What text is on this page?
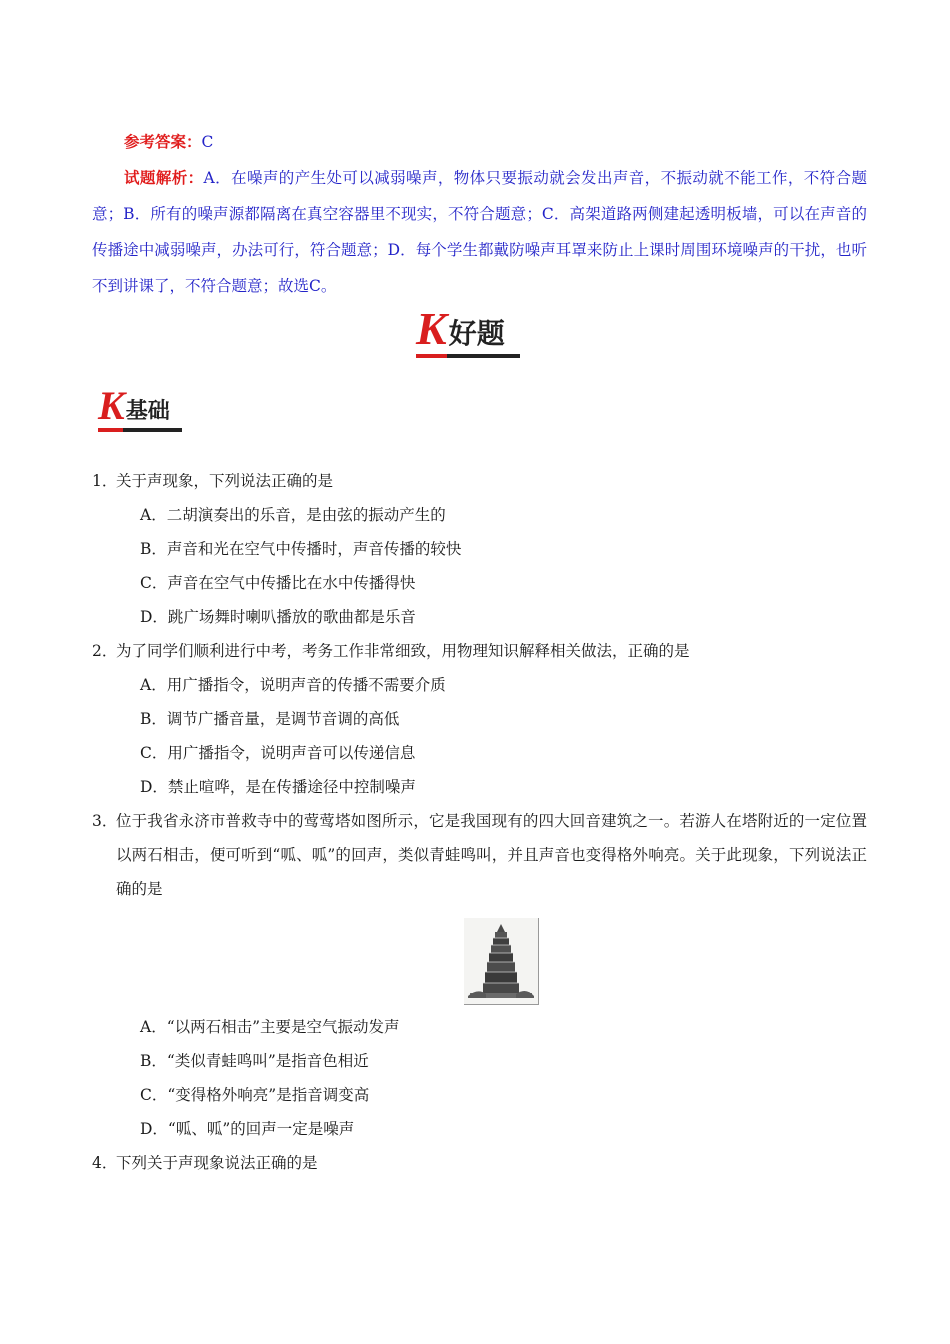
参考答案：C
试题解析：A．在噪声的产生处可以减弱噪声，物体只要振动就会发出声音，不振动就不能工作，不符合题意；B．所有的噪声源都隔离在真空容器里不现实，不符合题意；C．高架道路两侧建起透明板墙，可以在声音的传播途中减弱噪声，办法可行，符合题意；D．每个学生都戴防噪声耳罩来防止上课时周围环境噪声的干扰，也听不到讲课了，不符合题意；故选C。
K 好题
K 基础
1．
关于声现象，下列说法正确的是
A．二胡演奏出的乐音，是由弦的振动产生的
B．声音和光在空气中传播时，声音传播的较快
C．声音在空气中传播比在水中传播得快
D．跳广场舞时喇叭播放的歌曲都是乐音
2．
为了同学们顺利进行中考，考务工作非常细致，用物理知识解释相关做法，正确的是
A．用广播指令，说明声音的传播不需要介质
B．调节广播音量，是调节音调的高低
C．用广播指令，说明声音可以传递信息
D．禁止喧哗，是在传播途径中控制噪声
3．
位于我省永济市普救寺中的莺莺塔如图所示，它是我国现有的四大回音建筑之一。若游人在塔附近的一定位置以两石相击，便可听到“呱、呱”的回声，类似青蛙鸣叫，并且声音也变得格外响亮。关于此现象，下列说法正确的是
A．“以两石相击”主要是空气振动发声
B．“类似青蛙鸣叫”是指音色相近
C．“变得格外响亮”是指音调变高
D．“呱、呱”的回声一定是噪声
4．
下列关于声现象说法正确的是
